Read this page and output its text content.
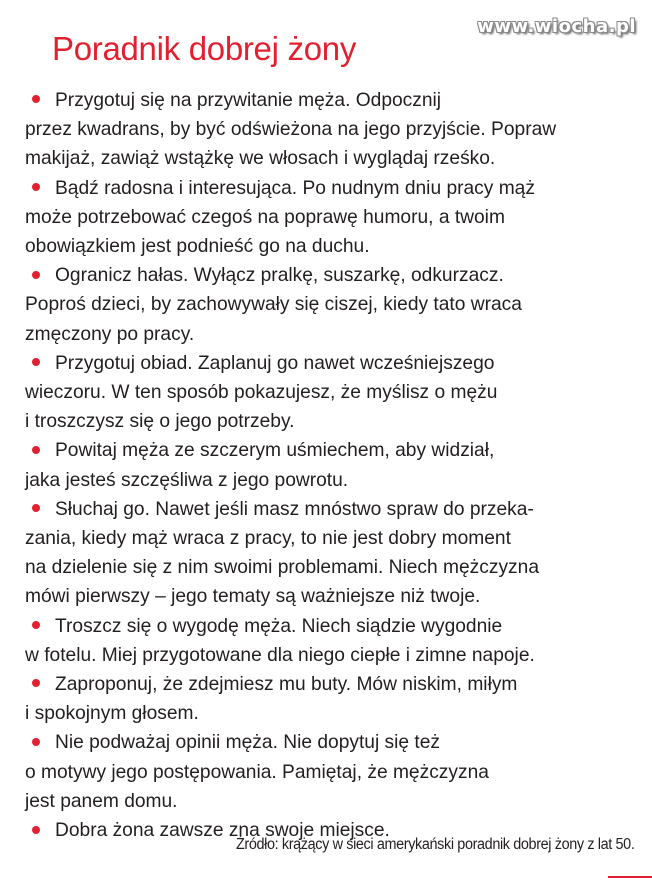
www.wiocha.pl
Poradnik dobrej żony
Przygotuj się na przywitanie męża. Odpocznij
przez kwadrans, by być odświeżona na jego przyjście. Popraw
makijaż, zawiąż wstążkę we włosach i wyglądaj rześko.
Bądź radosna i interesująca. Po nudnym dniu pracy mąż
może potrzebować czegoś na poprawę humoru, a twoim
obowiązkiem jest podnieść go na duchu.
Ogranicz hałas. Wyłącz pralkę, suszarkę, odkurzacz.
Poproś dzieci, by zachowywały się ciszej, kiedy tato wraca
zmęczony po pracy.
Przygotuj obiad. Zaplanuj go nawet wcześniejszego
wieczoru. W ten sposób pokazujesz, że myślisz o mężu
i troszczysz się o jego potrzeby.
Powitaj męża ze szczerym uśmiechem, aby widział,
jaka jesteś szczęśliwa z jego powrotu.
Słuchaj go. Nawet jeśli masz mnóstwo spraw do przeka-
zania, kiedy mąż wraca z pracy, to nie jest dobry moment
na dzielenie się z nim swoimi problemami. Niech mężczyzna
mówi pierwszy – jego tematy są ważniejsze niż twoje.
Troszcz się o wygodę męża. Niech siądzie wygodnie
w fotelu. Miej przygotowane dla niego ciepłe i zimne napoje.
Zaproponuj, że zdejmiesz mu buty. Mów niskim, miłym
i spokojnym głosem.
Nie podważaj opinii męża. Nie dopytuj się też
o motywy jego postępowania. Pamiętaj, że mężczyzna
jest panem domu.
Dobra żona zawsze zna swoje miejsce.
Źródło: krążący w sieci amerykański poradnik dobrej żony z lat 50.
